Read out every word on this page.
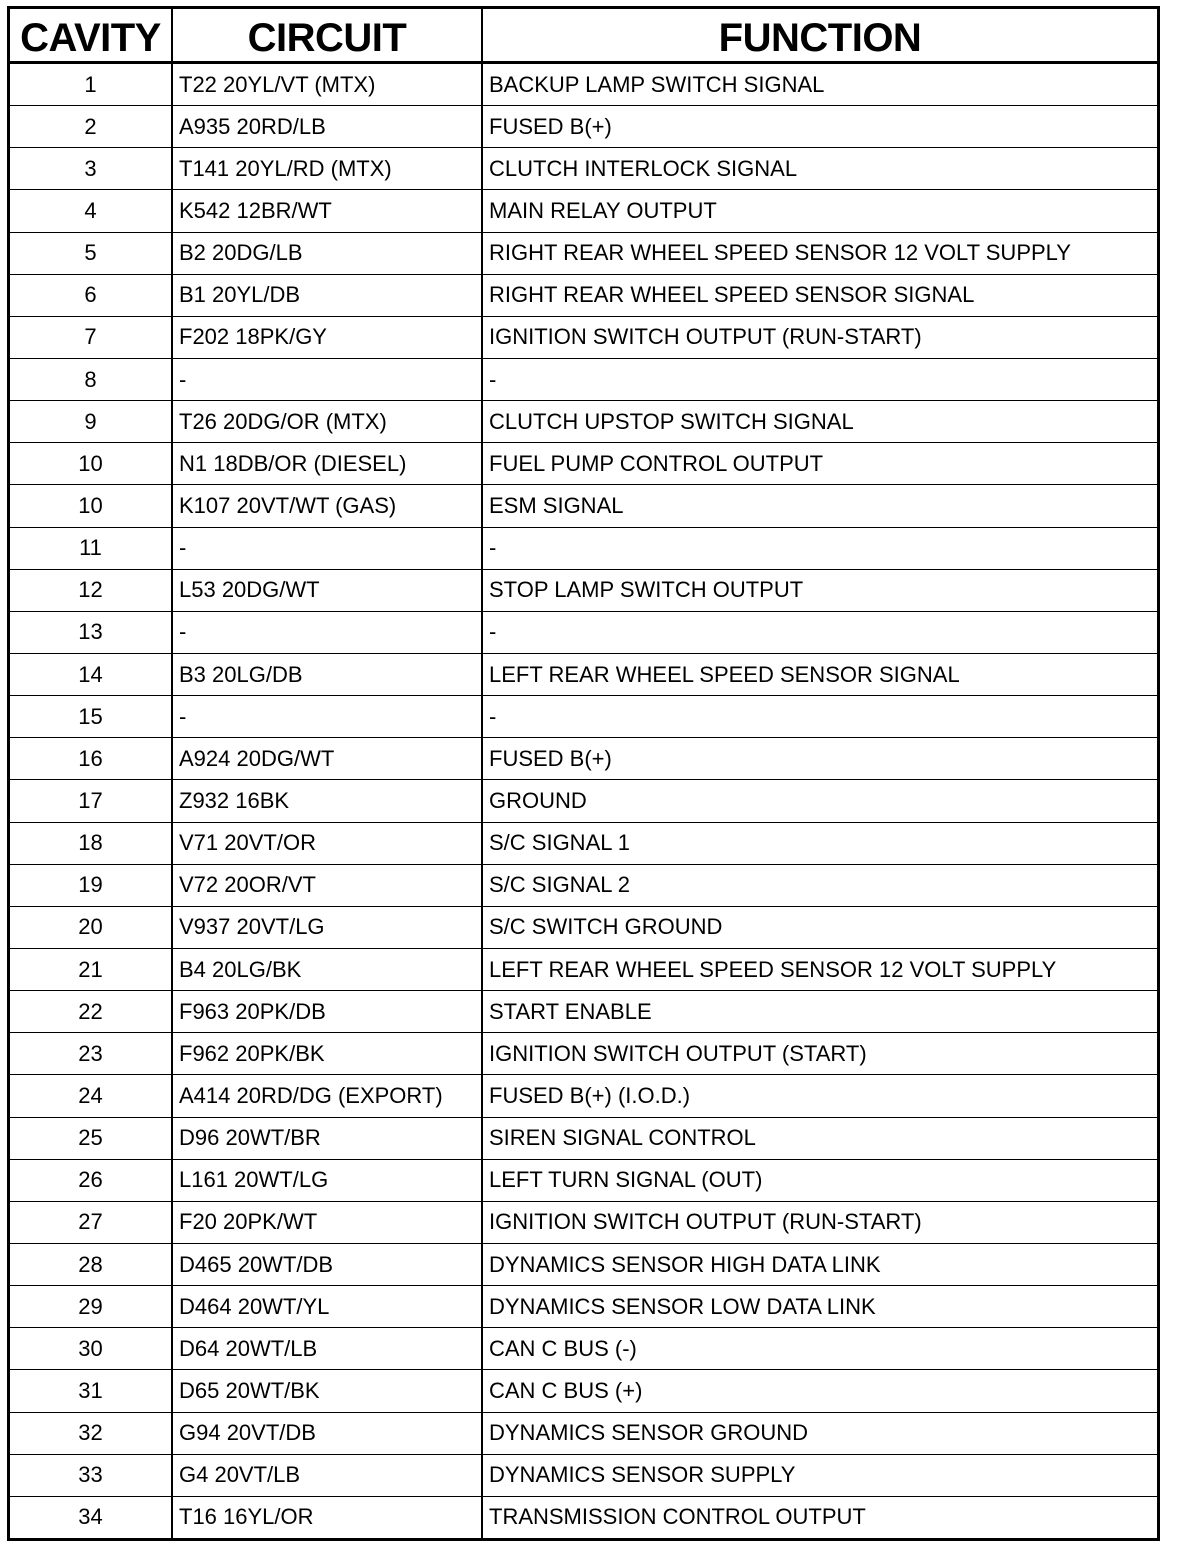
CAVITY	CIRCUIT	FUNCTION
1	T22 20YL/VT (MTX)	BACKUP LAMP SWITCH SIGNAL
2	A935 20RD/LB	FUSED B(+)
3	T141 20YL/RD (MTX)	CLUTCH INTERLOCK SIGNAL
4	K542 12BR/WT	MAIN RELAY OUTPUT
5	B2 20DG/LB	RIGHT REAR WHEEL SPEED SENSOR 12 VOLT SUPPLY
6	B1 20YL/DB	RIGHT REAR WHEEL SPEED SENSOR SIGNAL
7	F202 18PK/GY	IGNITION SWITCH OUTPUT (RUN-START)
8	-	-
9	T26 20DG/OR (MTX)	CLUTCH UPSTOP SWITCH SIGNAL
10	N1 18DB/OR (DIESEL)	FUEL PUMP CONTROL OUTPUT
10	K107 20VT/WT (GAS)	ESM SIGNAL
11	-	-
12	L53 20DG/WT	STOP LAMP SWITCH OUTPUT
13	-	-
14	B3 20LG/DB	LEFT REAR WHEEL SPEED SENSOR SIGNAL
15	-	-
16	A924 20DG/WT	FUSED B(+)
17	Z932 16BK	GROUND
18	V71 20VT/OR	S/C SIGNAL 1
19	V72 20OR/VT	S/C SIGNAL 2
20	V937 20VT/LG	S/C SWITCH GROUND
21	B4 20LG/BK	LEFT REAR WHEEL SPEED SENSOR 12 VOLT SUPPLY
22	F963 20PK/DB	START ENABLE
23	F962 20PK/BK	IGNITION SWITCH OUTPUT (START)
24	A414 20RD/DG (EXPORT)	FUSED B(+) (I.O.D.)
25	D96 20WT/BR	SIREN SIGNAL CONTROL
26	L161 20WT/LG	LEFT TURN SIGNAL (OUT)
27	F20 20PK/WT	IGNITION SWITCH OUTPUT (RUN-START)
28	D465 20WT/DB	DYNAMICS SENSOR HIGH DATA LINK
29	D464 20WT/YL	DYNAMICS SENSOR LOW DATA LINK
30	D64 20WT/LB	CAN C BUS (-)
31	D65 20WT/BK	CAN C BUS (+)
32	G94 20VT/DB	DYNAMICS SENSOR GROUND
33	G4 20VT/LB	DYNAMICS SENSOR SUPPLY
34	T16 16YL/OR	TRANSMISSION CONTROL OUTPUT
